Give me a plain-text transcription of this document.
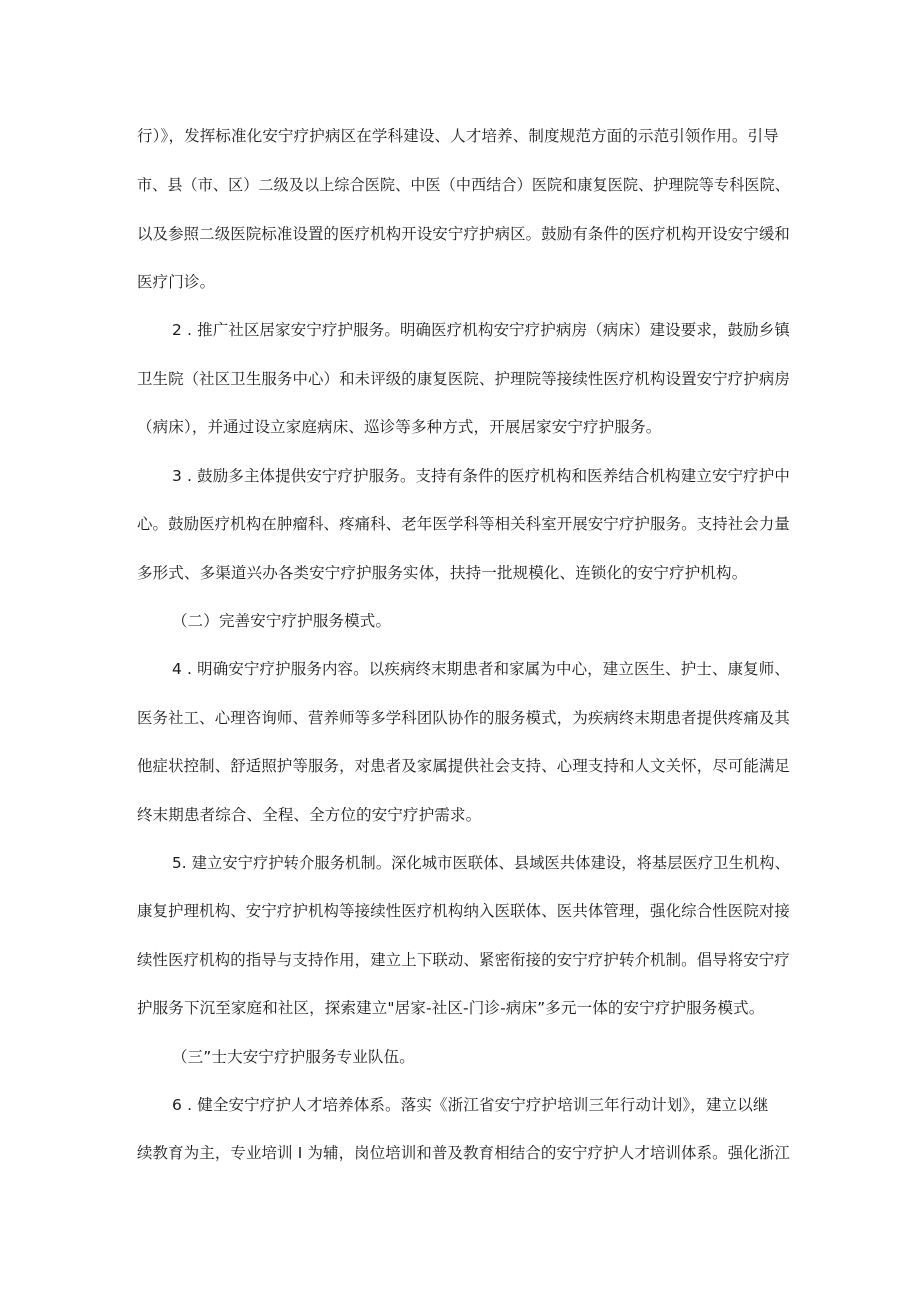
行）》，发挥标准化安宁疗护病区在学科建设、人才培养、制度规范方面的示范引领作用。引导
市、县（市、区）二级及以上综合医院、中医（中西结合）医院和康复医院、护理院等专科医院、
以及参照二级医院标准设置的医疗机构开设安宁疗护病区。鼓励有条件的医疗机构开设安宁缓和
医疗门诊。
2 . 推广社区居家安宁疗护服务。明确医疗机构安宁疗护病房（病床）建设要求，鼓励乡镇
卫生院（社区卫生服务中心）和未评级的康复医院、护理院等接续性医疗机构设置安宁疗护病房
（病床），并通过设立家庭病床、巡诊等多种方式，开展居家安宁疗护服务。
3 . 鼓励多主体提供安宁疗护服务。支持有条件的医疗机构和医养结合机构建立安宁疗护中
心。鼓励医疗机构在肿瘤科、疼痛科、老年医学科等相关科室开展安宁疗护服务。支持社会力量
多形式、多渠道兴办各类安宁疗护服务实体，扶持一批规模化、连锁化的安宁疗护机构。
（二）完善安宁疗护服务模式。
4 . 明确安宁疗护服务内容。以疾病终末期患者和家属为中心，建立医生、护士、康复师、
医务社工、心理咨询师、营养师等多学科团队协作的服务模式，为疾病终末期患者提供疼痛及其
他症状控制、舒适照护等服务，对患者及家属提供社会支持、心理支持和人文关怀，尽可能满足
终末期患者综合、全程、全方位的安宁疗护需求。
5. 建立安宁疗护转介服务机制。深化城市医联体、县域医共体建设，将基层医疗卫生机构、
康复护理机构、安宁疗护机构等接续性医疗机构纳入医联体、医共体管理，强化综合性医院对接
续性医疗机构的指导与支持作用，建立上下联动、紧密衔接的安宁疗护转介机制。倡导将安宁疗
护服务下沉至家庭和社区，探索建立"居家-社区-门诊-病床”多元一体的安宁疗护服务模式。
（三”士大安宁疗护服务专业队伍。
6 . 健全安宁疗护人才培养体系。落实《浙江省安宁疗护培训三年行动计划》，建立以继
续教育为主，专业培训 I 为辅，岗位培训和普及教育相结合的安宁疗护人才培训体系。强化浙江
